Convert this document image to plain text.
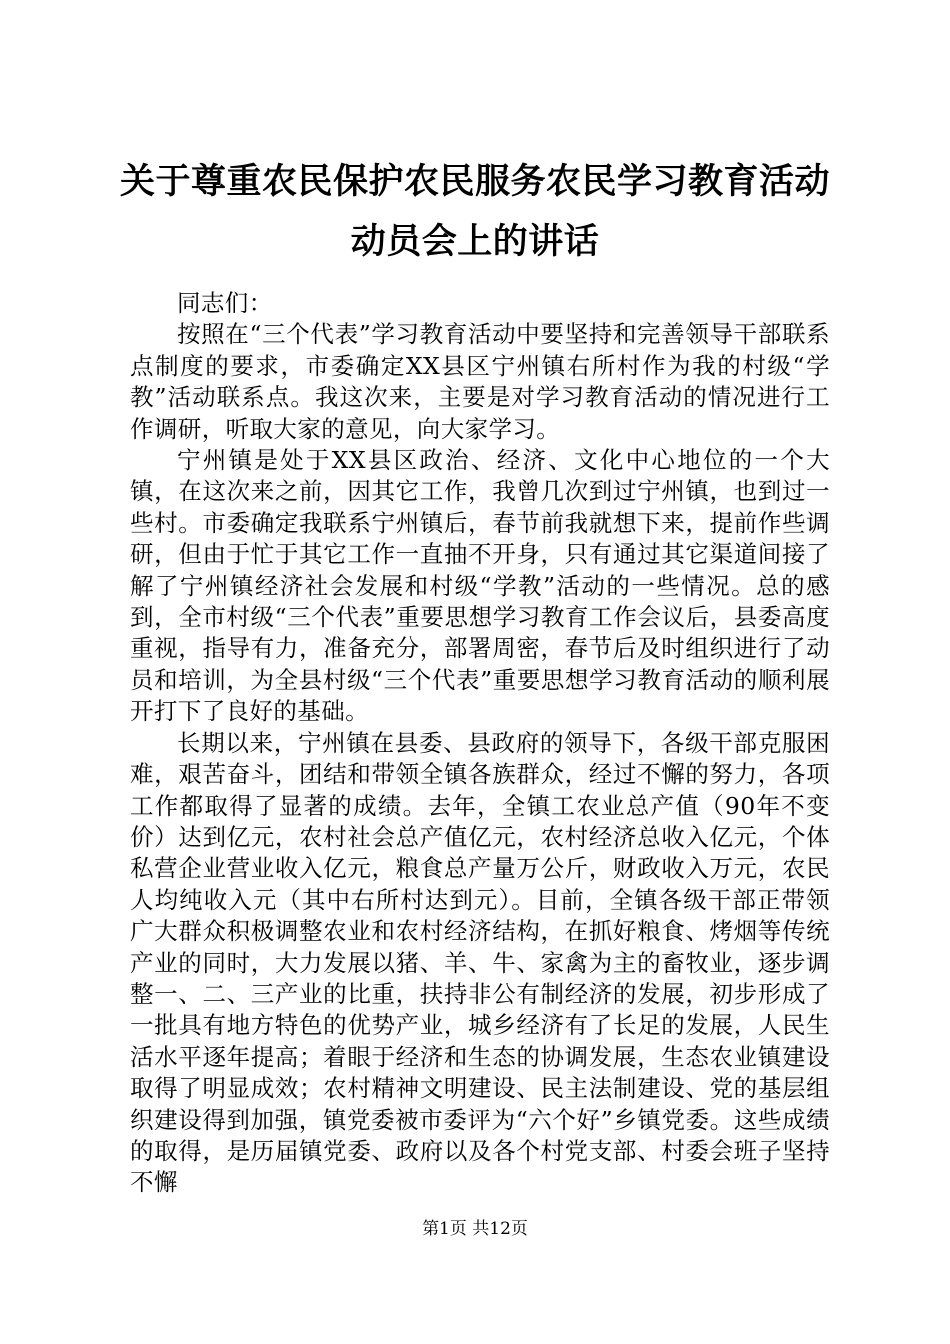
关于尊重农民保护农民服务农民学习教育活动
动员会上的讲话

同志们：

按照在“三个代表”学习教育活动中要坚持和完善领导干部联系点制度的要求，市委确定XX县区宁州镇右所村作为我的村级“学教”活动联系点。我这次来，主要是对学习教育活动的情况进行工作调研，听取大家的意见，向大家学习。

宁州镇是处于XX县区政治、经济、文化中心地位的一个大镇，在这次来之前，因其它工作，我曾几次到过宁州镇，也到过一些村。市委确定我联系宁州镇后，春节前我就想下来，提前作些调研，但由于忙于其它工作一直抽不开身，只有通过其它渠道间接了解了宁州镇经济社会发展和村级“学教”活动的一些情况。总的感到，全市村级“三个代表”重要思想学习教育工作会议后，县委高度重视，指导有力，准备充分，部署周密，春节后及时组织进行了动员和培训，为全县村级“三个代表”重要思想学习教育活动的顺利展开打下了良好的基础。

长期以来，宁州镇在县委、县政府的领导下，各级干部克服困难，艰苦奋斗，团结和带领全镇各族群众，经过不懈的努力，各项工作都取得了显著的成绩。去年，全镇工农业总产值（90年不变价）达到亿元，农村社会总产值亿元，农村经济总收入亿元，个体私营企业营业收入亿元，粮食总产量万公斤，财政收入万元，农民人均纯收入元（其中右所村达到元）。目前，全镇各级干部正带领广大群众积极调整农业和农村经济结构，在抓好粮食、烤烟等传统产业的同时，大力发展以猪、羊、牛、家禽为主的畜牧业，逐步调整一、二、三产业的比重，扶持非公有制经济的发展，初步形成了一批具有地方特色的优势产业，城乡经济有了长足的发展，人民生活水平逐年提高；着眼于经济和生态的协调发展，生态农业镇建设取得了明显成效；农村精神文明建设、民主法制建设、党的基层组织建设得到加强，镇党委被市委评为“六个好”乡镇党委。这些成绩的取得，是历届镇党委、政府以及各个村党支部、村委会班子坚持不懈

第1页 共12页
